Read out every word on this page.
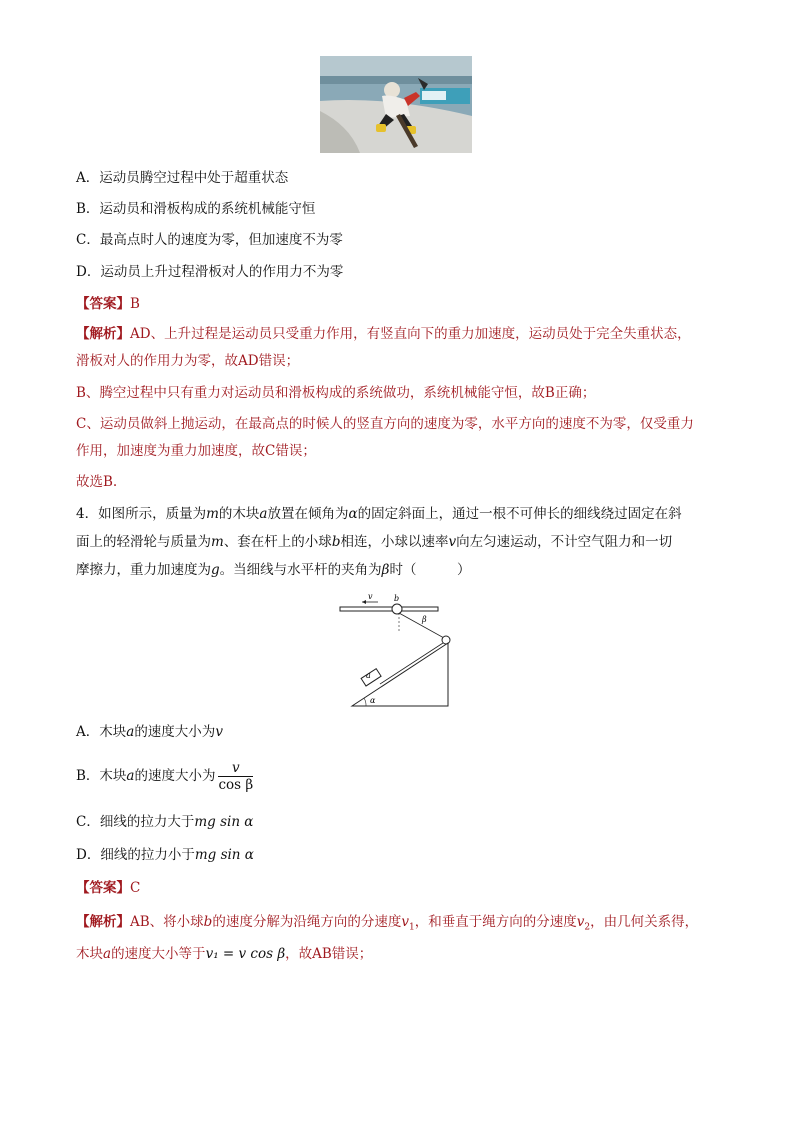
A．运动员腾空过程中处于超重状态
B．运动员和滑板构成的系统机械能守恒
C．最高点时人的速度为零，但加速度不为零
D．运动员上升过程滑板对人的作用力不为零
【答案】B
【解析】AD、上升过程是运动员只受重力作用，有竖直向下的重力加速度，运动员处于完全失重状态，
滑板对人的作用力为零，故AD错误；
B、腾空过程中只有重力对运动员和滑板构成的系统做功，系统机械能守恒，故B正确；
C、运动员做斜上抛运动，在最高点的时候人的竖直方向的速度为零，水平方向的速度不为零，仅受重力
作用，加速度为重力加速度，故C错误；
故选B.
4．如图所示，质量为m的木块a放置在倾角为α的固定斜面上，通过一根不可伸长的细线绕过固定在斜
面上的轻滑轮与质量为m、套在杆上的小球b相连，小球以速率v向左匀速运动，不计空气阻力和一切
摩擦力，重力加速度为g。当细线与水平杆的夹角为β时（　　　）
v	b
β
a
α
A．木块a的速度大小为v
B．木块a的速度大小为 $\frac{v}{\text{cos β}}$
C．细线的拉力大于mg sin α
D．细线的拉力小于mg sin α
【答案】C
【解析】AB、将小球b的速度分解为沿绳方向的分速度$v_1$，和垂直于绳方向的分速度$v_2$，由几何关系得，
木块a的速度大小等于v₁ = v cos β，故AB错误；
